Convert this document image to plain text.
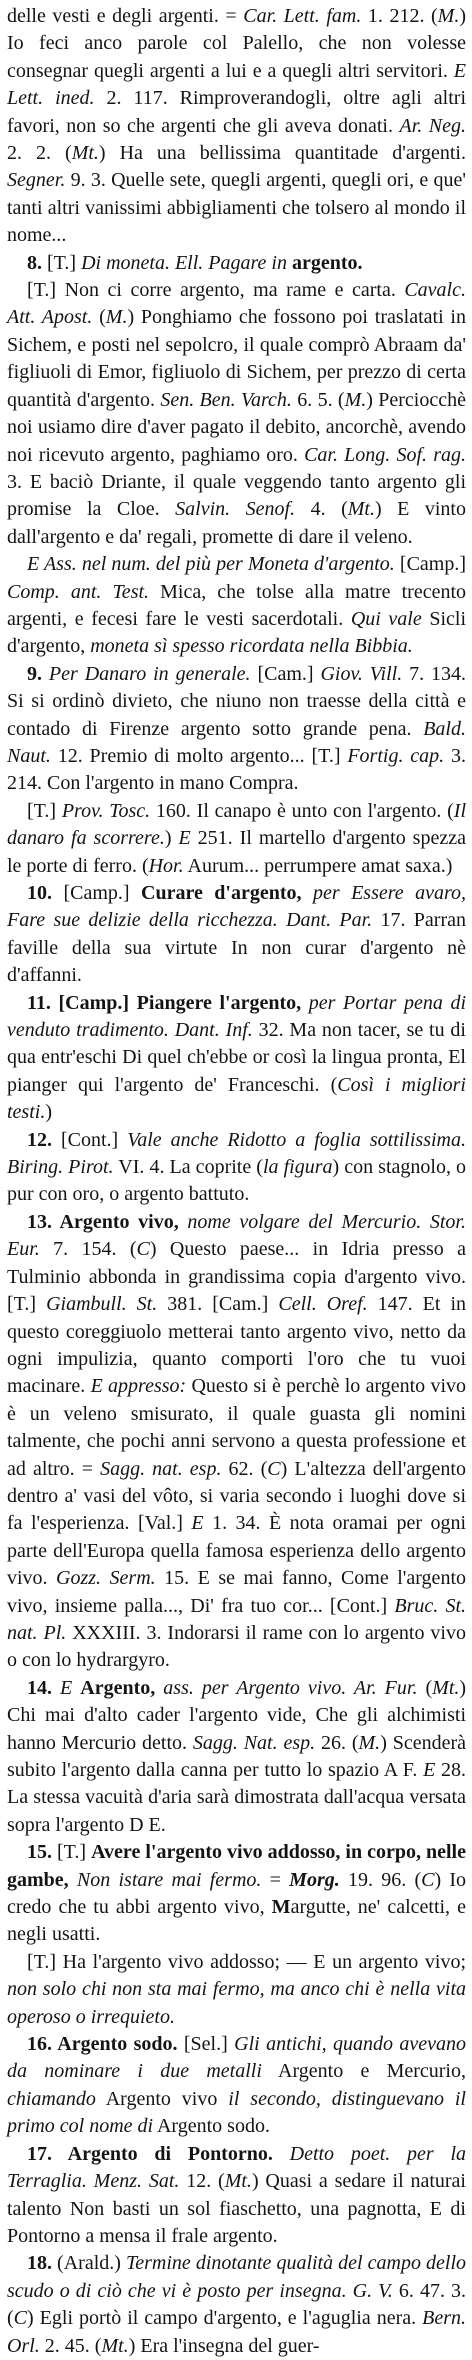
delle vesti e degli argenti. = Car. Lett. fam. 1. 212. (M.) Io feci anco parole col Palello, che non volesse consegnar quegli argenti a lui e a quegli altri servitori. E Lett. ined. 2. 117. Rimproverandogli, oltre agli altri favori, non so che argenti che gli aveva donati. Ar. Neg. 2. 2. (Mt.) Ha una bellissima quantitade d'argenti. Segner. 9. 3. Quelle sete, quegli argenti, quegli ori, e que' tanti altri vanissimi abbigliamenti che tolsero al mondo il nome...

8. [T.] Di moneta. Ell. Pagare in argento.

[T.] Non ci corre argento, ma rame e carta. Cavalc. Att. Apost. (M.) Ponghiamo che fossono poi traslatati in Sichem, e posti nel sepolcro, il quale comprò Abraam da' figliuoli di Emor, figliuolo di Sichem, per prezzo di certa quantità d'argento. Sen. Ben. Varch. 6. 5. (M.) Perciocchè noi usiamo dire d'aver pagato il debito, ancorchè, avendo noi ricevuto argento, paghiamo oro. Car. Long. Sof. rag. 3. E baciò Driante, il quale veggendo tanto argento gli promise la Cloe. Salvin. Senof. 4. (Mt.) E vinto dall'argento e da' regali, promette di dare il veleno.

E Ass. nel num. del più per Moneta d'argento. [Camp.] Comp. ant. Test. Mica, che tolse alla matre trecento argenti, e fecesi fare le vesti sacerdotali. Qui vale Sicli d'argento, moneta sì spesso ricordata nella Bibbia.

9. Per Danaro in generale. [Cam.] Giov. Vill. 7. 134. Si si ordinò divieto, che niuno non traesse della città e contado di Firenze argento sotto grande pena. Bald. Naut. 12. Premio di molto argento... [T.] Fortig. cap. 3. 214. Con l'argento in mano Compra.

[T.] Prov. Tosc. 160. Il canapo è unto con l'argento. (Il danaro fa scorrere.) E 251. Il martello d'argento spezza le porte di ferro. (Hor. Aurum... perrumpere amat saxa.)

10. [Camp.] Curare d'argento, per Essere avaro, Fare sue delizie della ricchezza. Dant. Par. 17. Parran faville della sua virtute In non curar d'argento nè d'affanni.

11. [Camp.] Piangere l'argento, per Portar pena di venduto tradimento. Dant. Inf. 32. Ma non tacer, se tu di qua entr'eschi Di quel ch'ebbe or così la lingua pronta, El pianger qui l'argento de' Franceschi. (Così i migliori testi.)

12. [Cont.] Vale anche Ridotto a foglia sottilissima. Biring. Pirot. VI. 4. La coprite (la figura) con stagnolo, o pur con oro, o argento battuto.

13. Argento vivo, nome volgare del Mercurio. Stor. Eur. 7. 154. (C) Questo paese... in Idria presso a Tulminio abbonda in grandissima copia d'argento vivo. [T.] Giambull. St. 381. [Cam.] Cell. Oref. 147. Et in questo coreggiuolo metterai tanto argento vivo, netto da ogni impulizia, quanto comporti l'oro che tu vuoi macinare. E appresso: Questo si è perchè lo argento vivo è un veleno smisurato, il quale guasta gli nomini talmente, che pochi anni servono a questa professione et ad altro. = Sagg. nat. esp. 62. (C) L'altezza dell'argento dentro a' vasi del vôto, si varia secondo i luoghi dove si fa l'esperienza. [Val.] E 1. 34. È nota oramai per ogni parte dell'Europa quella famosa esperienza dello argento vivo. Gozz. Serm. 15. E se mai fanno, Come l'argento vivo, insieme palla..., Di' fra tuo cor... [Cont.] Bruc. St. nat. Pl. XXXIII. 3. Indorarsi il rame con lo argento vivo o con lo hydrargyro.

14. E Argento, ass. per Argento vivo. Ar. Fur. (Mt.) Chi mai d'alto cader l'argento vide, Che gli alchimisti hanno Mercurio detto. Sagg. Nat. esp. 26. (M.) Scenderà subito l'argento dalla canna per tutto lo spazio A F. E 28. La stessa vacuità d'aria sarà dimostrata dall'acqua versata sopra l'argento D E.

15. [T.] Avere l'argento vivo addosso, in corpo, nelle gambe, Non istare mai fermo. = Morg. 19. 96. (C) Io credo che tu abbi argento vivo, Margutte, ne' calcetti, e negli usatti.

[T.] Ha l'argento vivo addosso; — E un argento vivo; non solo chi non sta mai fermo, ma anco chi è nella vita operoso o irrequieto.

16. Argento sodo. [Sel.] Gli antichi, quando avevano da nominare i due metalli Argento e Mercurio, chiamando Argento vivo il secondo, distinguevano il primo col nome di Argento sodo.

17. Argento di Pontorno. Detto poet. per la Terraglia. Menz. Sat. 12. (Mt.) Quasi a sedare il naturai talento Non basti un sol fiaschetto, una pagnotta, E di Pontorno a mensa il frale argento.

18. (Arald.) Termine dinotante qualità del campo dello scudo o di ciò che vi è posto per insegna. G. V. 6. 47. 3. (C) Egli portò il campo d'argento, e l'aguglia nera. Bern. Orl. 2. 45. (Mt.) Era l'insegna del guer-
